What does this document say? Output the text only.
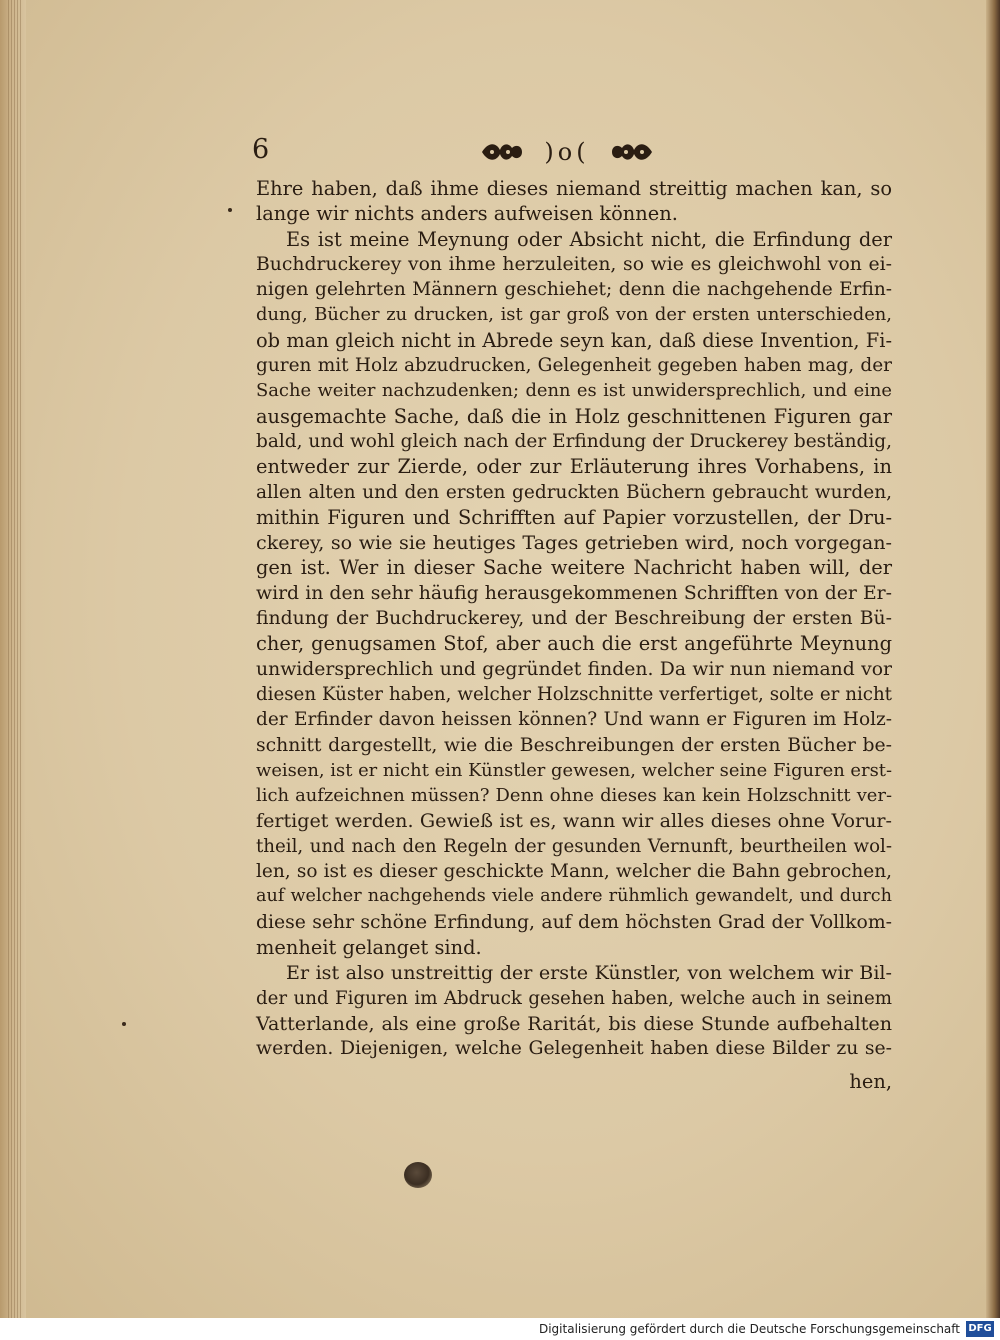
6	)o(
Ehre haben, daß ihme dieses niemand streittig machen kan, so
lange wir nichts anders aufweisen können.
Es ist meine Meynung oder Absicht nicht, die Erfindung der
Buchdruckerey von ihme herzuleiten, so wie es gleichwohl von ei-
nigen gelehrten Männern geschiehet; denn die nachgehende Erfin-
dung, Bücher zu drucken, ist gar groß von der ersten unterschieden,
ob man gleich nicht in Abrede seyn kan, daß diese Invention, Fi-
guren mit Holz abzudrucken, Gelegenheit gegeben haben mag, der
Sache weiter nachzudenken; denn es ist unwidersprechlich, und eine
ausgemachte Sache, daß die in Holz geschnittenen Figuren gar
bald, und wohl gleich nach der Erfindung der Druckerey beständig,
entweder zur Zierde, oder zur Erläuterung ihres Vorhabens, in
allen alten und den ersten gedruckten Büchern gebraucht wurden,
mithin Figuren und Schrifften auf Papier vorzustellen, der Dru-
ckerey, so wie sie heutiges Tages getrieben wird, noch vorgegan-
gen ist. Wer in dieser Sache weitere Nachricht haben will, der
wird in den sehr häufig herausgekommenen Schrifften von der Er-
findung der Buchdruckerey, und der Beschreibung der ersten Bü-
cher, genugsamen Stof, aber auch die erst angeführte Meynung
unwidersprechlich und gegründet finden. Da wir nun niemand vor
diesen Küster haben, welcher Holzschnitte verfertiget, solte er nicht
der Erfinder davon heissen können? Und wann er Figuren im Holz-
schnitt dargestellt, wie die Beschreibungen der ersten Bücher be-
weisen, ist er nicht ein Künstler gewesen, welcher seine Figuren erst-
lich aufzeichnen müssen? Denn ohne dieses kan kein Holzschnitt ver-
fertiget werden. Gewieß ist es, wann wir alles dieses ohne Vorur-
theil, und nach den Regeln der gesunden Vernunft, beurtheilen wol-
len, so ist es dieser geschickte Mann, welcher die Bahn gebrochen,
auf welcher nachgehends viele andere rühmlich gewandelt, und durch
diese sehr schöne Erfindung, auf dem höchsten Grad der Vollkom-
menheit gelanget sind.
Er ist also unstreittig der erste Künstler, von welchem wir Bil-
der und Figuren im Abdruck gesehen haben, welche auch in seinem
Vatterlande, als eine große Raritát, bis diese Stunde aufbehalten
werden. Diejenigen, welche Gelegenheit haben diese Bilder zu se-
hen,
Digitalisierung gefördert durch die Deutsche Forschungsgemeinschaft DFG
